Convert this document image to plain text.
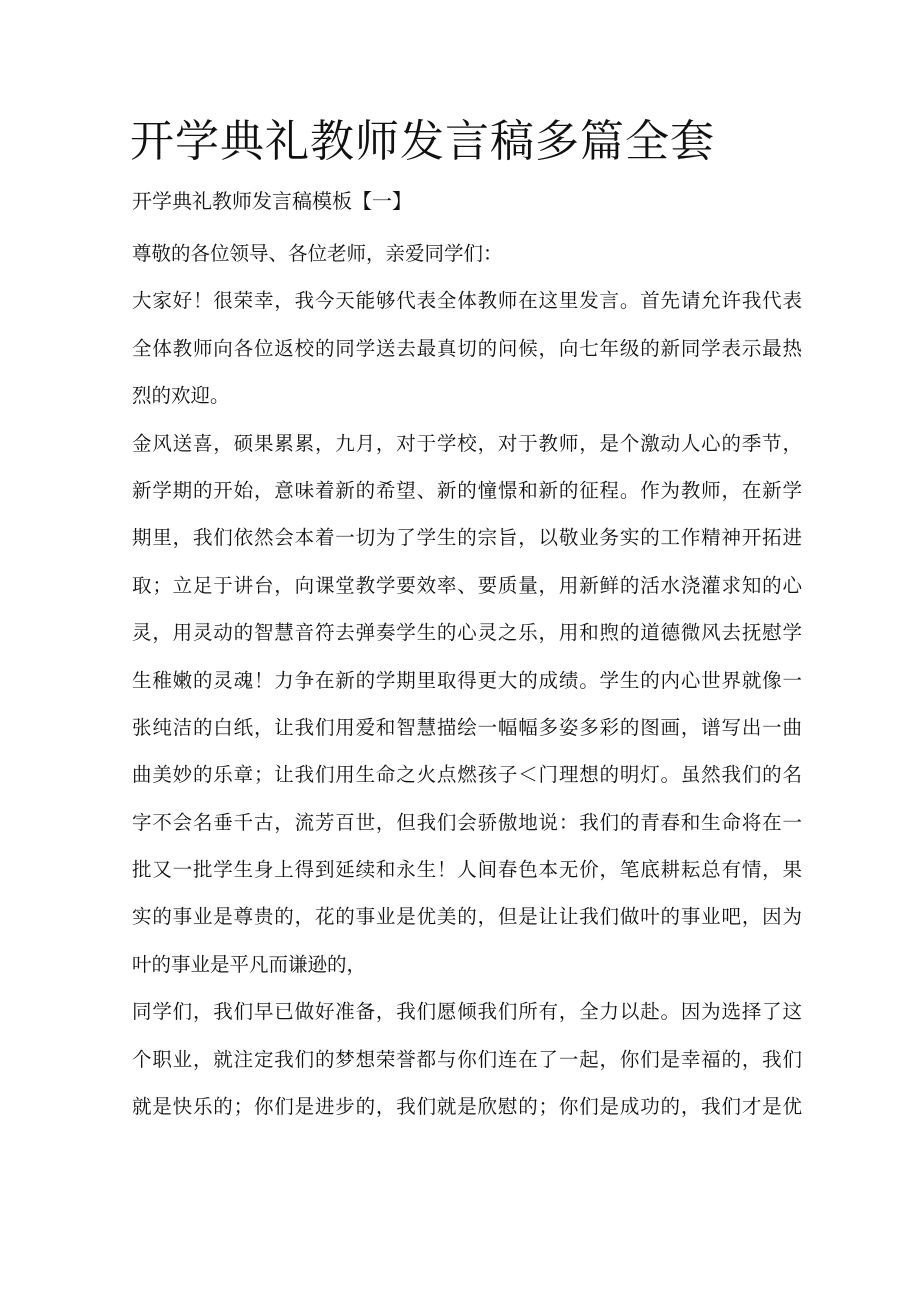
开学典礼教师发言稿多篇全套
开学典礼教师发言稿模板【一】
尊敬的各位领导、各位老师，亲爱同学们：
大家好！很荣幸，我今天能够代表全体教师在这里发言。首先请允许我代表
全体教师向各位返校的同学送去最真切的问候，向七年级的新同学表示最热
烈的欢迎。
金风送喜，硕果累累，九月，对于学校，对于教师，是个激动人心的季节，
新学期的开始，意味着新的希望、新的憧憬和新的征程。作为教师，在新学
期里，我们依然会本着一切为了学生的宗旨，以敬业务实的工作精神开拓进
取；立足于讲台，向课堂教学要效率、要质量，用新鲜的活水浇灌求知的心
灵，用灵动的智慧音符去弹奏学生的心灵之乐，用和煦的道德微风去抚慰学
生稚嫩的灵魂！力争在新的学期里取得更大的成绩。学生的内心世界就像一
张纯洁的白纸，让我们用爱和智慧描绘一幅幅多姿多彩的图画，谱写出一曲
曲美妙的乐章；让我们用生命之火点燃孩子＜门理想的明灯。虽然我们的名
字不会名垂千古，流芳百世，但我们会骄傲地说：我们的青春和生命将在一
批又一批学生身上得到延续和永生！人间春色本无价，笔底耕耘总有情，果
实的事业是尊贵的，花的事业是优美的，但是让让我们做叶的事业吧，因为
叶的事业是平凡而谦逊的，
同学们，我们早已做好准备，我们愿倾我们所有，全力以赴。因为选择了这
个职业，就注定我们的梦想荣誉都与你们连在了一起，你们是幸福的，我们
就是快乐的；你们是进步的，我们就是欣慰的；你们是成功的，我们才是优
